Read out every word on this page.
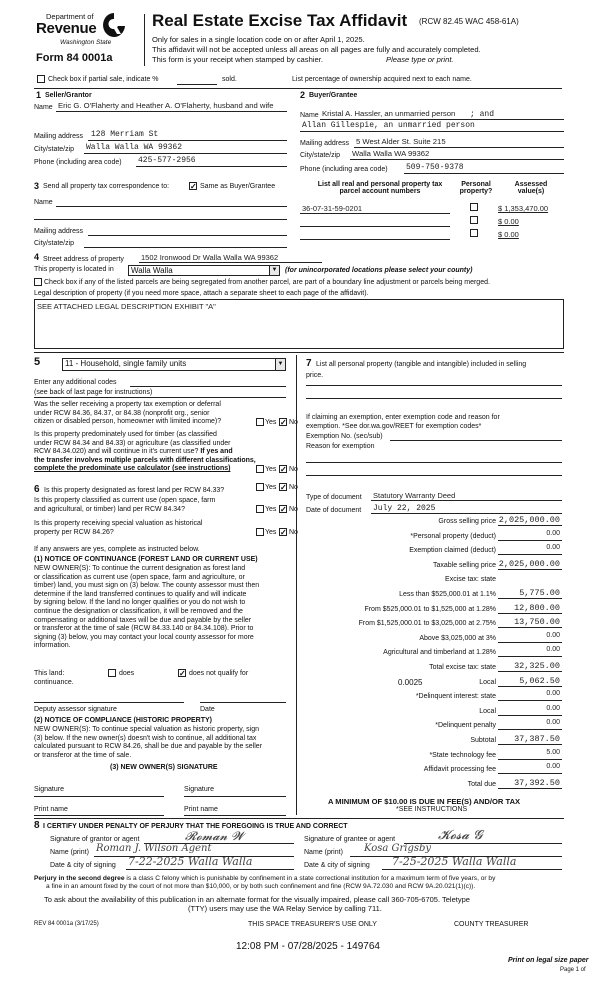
Department of
Revenue
Washington State
Form 84 0001a
Real Estate Excise Tax Affidavit (RCW 82.45 WAC 458-61A)
Only for sales in a single location code on or after April 1, 2025.
This affidavit will not be accepted unless all areas on all pages are fully and accurately completed.
This form is your receipt when stamped by cashier.	Please type or print.
Check box if partial sale, indicate %	sold.	List percentage of ownership acquired next to each name.
1 Seller/Grantor
Name Eric G. O'Flaherty and Heather A. O'Flaherty, husband and wife
Mailing address 128 Merriam St
City/state/zip Walla Walla WA 99362
Phone (including area code) 425-577-2956
2 Buyer/Grantee
Name Kristal A. Hassler, an unmarried person ; and
Allan Gillespie, an unmarried person
Mailing address 5 West Alder St. Suite 215
City/state/zip Walla Walla WA 99362
Phone (including area code) 509-750-9378
3 Send all property tax correspondence to:	✓ Same as Buyer/Grantee
Name
Mailing address
City/state/zip
List all real and personal property tax
parcel account numbers
Personal
property?
Assessed
value(s)
36-07-31-59-0201	$ 1,353,470.00
$ 0.00
$ 0.00
4 Street address of property 1502 Ironwood Dr Walla Walla WA 99362
This property is located in	Walla Walla	▼ (for unincorporated locations please select your county)
Check box if any of the listed parcels are being segregated from another parcel, are part of a boundary line adjustment or parcels being merged.
Legal description of property (if you need more space, attach a separate sheet to each page of the affidavit).
SEE ATTACHED LEGAL DESCRIPTION EXHIBIT "A"
5	11 - Household, single family units	▼
Enter any additional codes
(see back of last page for instructions)
Was the seller receiving a property tax exemption or deferral
under RCW 84.36, 84.37, or 84.38 (nonprofit org., senior
citizen or disabled person, homeowner with limited income)?	Yes ✓ No
Is this property predominately used for timber (as classified
under RCW 84.34 and 84.33) or agriculture (as classified under
RCW 84.34.020) and will continue in it's current use? If yes and
the transfer involves multiple parcels with different classifications,
complete the predominate use calculator (see instructions)	Yes ✓ No
6 Is this property designated as forest land per RCW 84.33?	Yes ✓ No
Is this property classified as current use (open space, farm
and agricultural, or timber) land per RCW 84.34?	Yes ✓ No
Is this property receiving special valuation as historical
property per RCW 84.26?	Yes ✓ No
If any answers are yes, complete as instructed below.
(1) NOTICE OF CONTINUANCE (FOREST LAND OR CURRENT USE)
NEW OWNER(S): To continue the current designation as forest land
or classification as current use (open space, farm and agriculture, or
timber) land, you must sign on (3) below. The county assessor must then
determine if the land transferred continues to qualify and will indicate
by signing below. If the land no longer qualifies or you do not wish to
continue the designation or classification, it will be removed and the
compensating or additional taxes will be due and payable by the seller
or transferor at the time of sale (RCW 84.33.140 or 84.34.108). Prior to
signing (3) below, you may contact your local county assessor for more
information.
This land:	does	✓ does not qualify for
continuance.
Deputy assessor signature	Date
(2) NOTICE OF COMPLIANCE (HISTORIC PROPERTY)
NEW OWNER(S): To continue special valuation as historic property, sign
(3) below. If the new owner(s) doesn't wish to continue, all additional tax
calculated pursuant to RCW 84.26, shall be due and payable by the seller
or transferor at the time of sale.
(3) NEW OWNER(S) SIGNATURE
Signature	Signature
Print name	Print name
7 List all personal property (tangible and intangible) included in selling
price.
If claiming an exemption, enter exemption code and reason for
exemption. *See dor.wa.gov/REET for exemption codes*
Exemption No. (sec/sub)
Reason for exemption
Type of document Statutory Warranty Deed
Date of document July 22, 2025
Gross selling price 2,025,000.00
*Personal property (deduct)	0.00
Exemption claimed (deduct)	0.00
Taxable selling price 2,025,000.00
Excise tax: state
Less than $525,000.01 at 1.1%	5,775.00
From $525,000.01 to $1,525,000 at 1.28% 12,800.00
From $1,525,000.01 to $3,025,000 at 2.75% 13,750.00
Above $3,025,000 at 3%	0.00
Agricultural and timberland at 1.28%	0.00
Total excise tax: state 32,325.00
Local
0.0025	5,062.50
*Delinquent interest: state	0.00
Local	0.00
*Delinquent penalty	0.00
Subtotal 37,387.50
*State technology fee	5.00
Affidavit processing fee	0.00
Total due 37,392.50
A MINIMUM OF $10.00 IS DUE IN FEE(S) AND/OR TAX
*SEE INSTRUCTIONS
8 I CERTIFY UNDER PENALTY OF PERJURY THAT THE FOREGOING IS TRUE AND CORRECT
Signature of grantor or agent	𝓡𝓸𝓶𝓪𝓷 𝓦
Name (print) Roman J. Wilson Agent
Date & city of signing 7-22-2025 Walla Walla
Signature of grantee or agent	𝓚𝓸𝓼𝓪 𝓖
Name (print) Kosa Grigsby
Date & city of signing 7-25-2025 Walla Walla
Perjury in the second degree is a class C felony which is punishable by confinement in a state correctional institution for a maximum term of five years, or by
a fine in an amount fixed by the court of not more than $10,000, or by both such confinement and fine (RCW 9A.72.030 and RCW 9A.20.021(1)(c)).
To ask about the availability of this publication in an alternate format for the visually impaired, please call 360-705-6705. Teletype
(TTY) users may use the WA Relay Service by calling 711.
REV 84 0001a (3/17/25)	THIS SPACE TREASURER'S USE ONLY	COUNTY TREASURER
12:08 PM - 07/28/2025 - 149764
Print on legal size paper
Page 1 of
